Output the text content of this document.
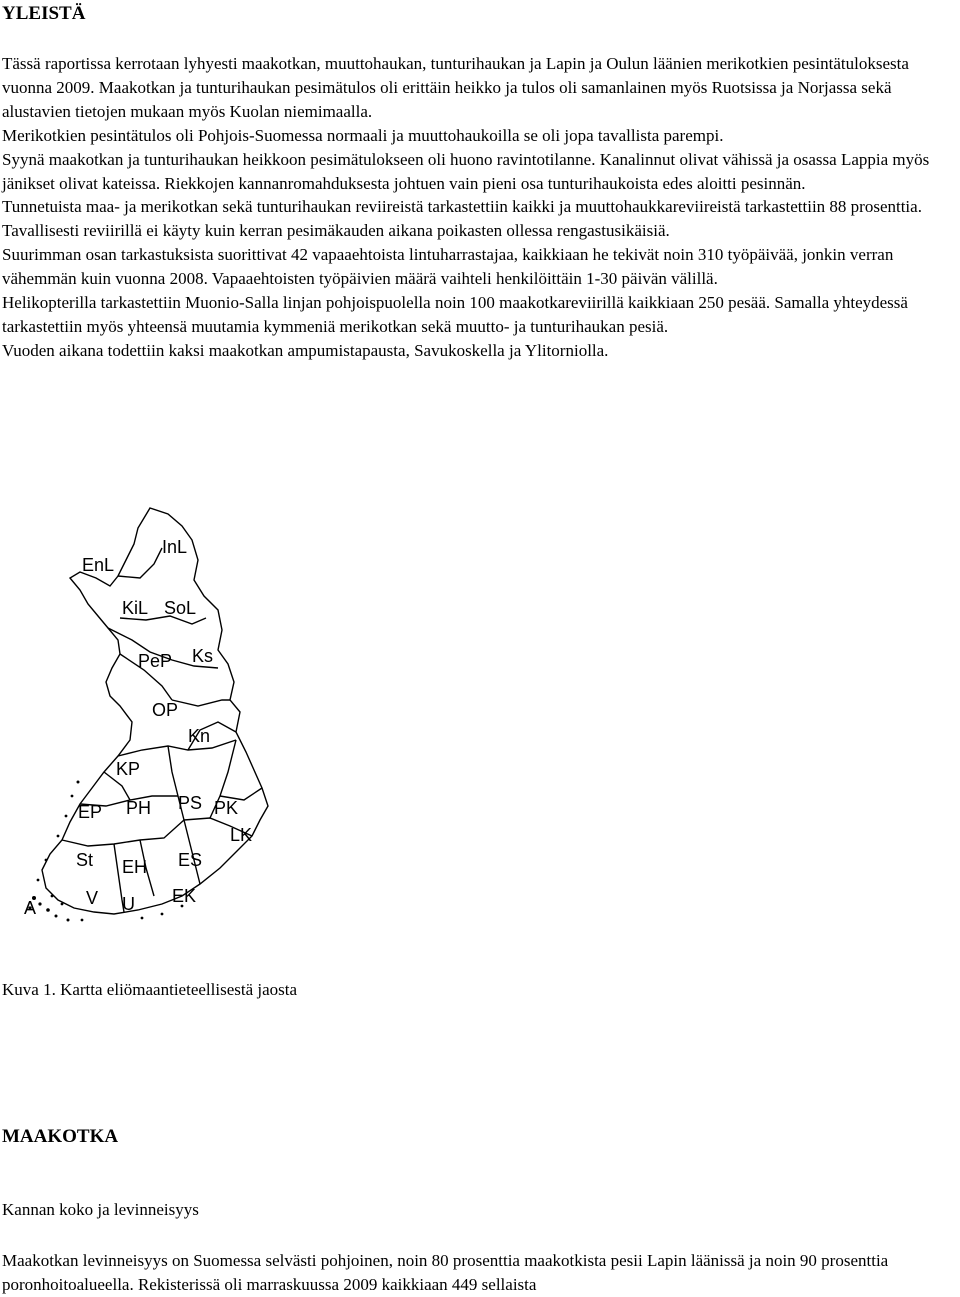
YLEISTÄ

Tässä raportissa kerrotaan lyhyesti maakotkan, muuttohaukan, tunturihaukan ja Lapin ja Oulun läänien merikotkien pesintätuloksesta vuonna 2009. Maakotkan ja tunturihaukan pesimätulos oli erittäin heikko ja tulos oli samanlainen myös Ruotsissa ja Norjassa sekä alustavien tietojen mukaan myös Kuolan niemimaalla.

Merikotkien pesintätulos oli Pohjois-Suomessa normaali ja muuttohaukoilla se oli jopa tavallista parempi.

Syynä maakotkan ja tunturihaukan heikkoon pesimätulokseen oli huono ravintotilanne. Kanalinnut olivat vähissä ja osassa Lappia myös jänikset olivat kateissa. Riekkojen kannanromahduksesta johtuen vain pieni osa tunturihaukoista edes aloitti pesinnän.

Tunnetuista maa- ja merikotkan sekä tunturihaukan reviireistä tarkastettiin kaikki ja muuttohaukkareviireistä tarkastettiin 88 prosenttia.

Tavallisesti reviirillä ei käyty kuin kerran pesimäkauden aikana poikasten ollessa rengastusikäisiä.

Suurimman osan tarkastuksista suorittivat 42 vapaaehtoista lintuharrastajaa, kaikkiaan he tekivät noin 310 työpäivää, jonkin verran vähemmän kuin vuonna 2008. Vapaaehtoisten työpäivien määrä vaihteli henkilöittäin 1-30 päivän välillä.

Helikopterilla tarkastettiin Muonio-Salla linjan pohjoispuolella noin 100 maakotkareviirillä kaikkiaan 250 pesää. Samalla yhteydessä tarkastettiin myös yhteensä muutamia kymmeniä merikotkan sekä muutto- ja tunturihaukan pesiä.

Vuoden aikana todettiin kaksi maakotkan ampumistapausta, Savukoskella ja Ylitorniolla.

EnL
InL
KiL SoL
PeP Ks
OP
Kn
KP
EP PH PS PK
LK
St EH ES
A	V U EK
Kuva 1. Kartta eliömaantieteellisestä jaosta
MAAKOTKA
Kannan koko ja levinneisyys

Maakotkan levinneisyys on Suomessa selvästi pohjoinen, noin 80 prosenttia maakotkista pesii Lapin läänissä ja noin 90 prosenttia poronhoitoalueella. Rekisterissä oli marraskuussa 2009 kaikkiaan 449 sellaista
